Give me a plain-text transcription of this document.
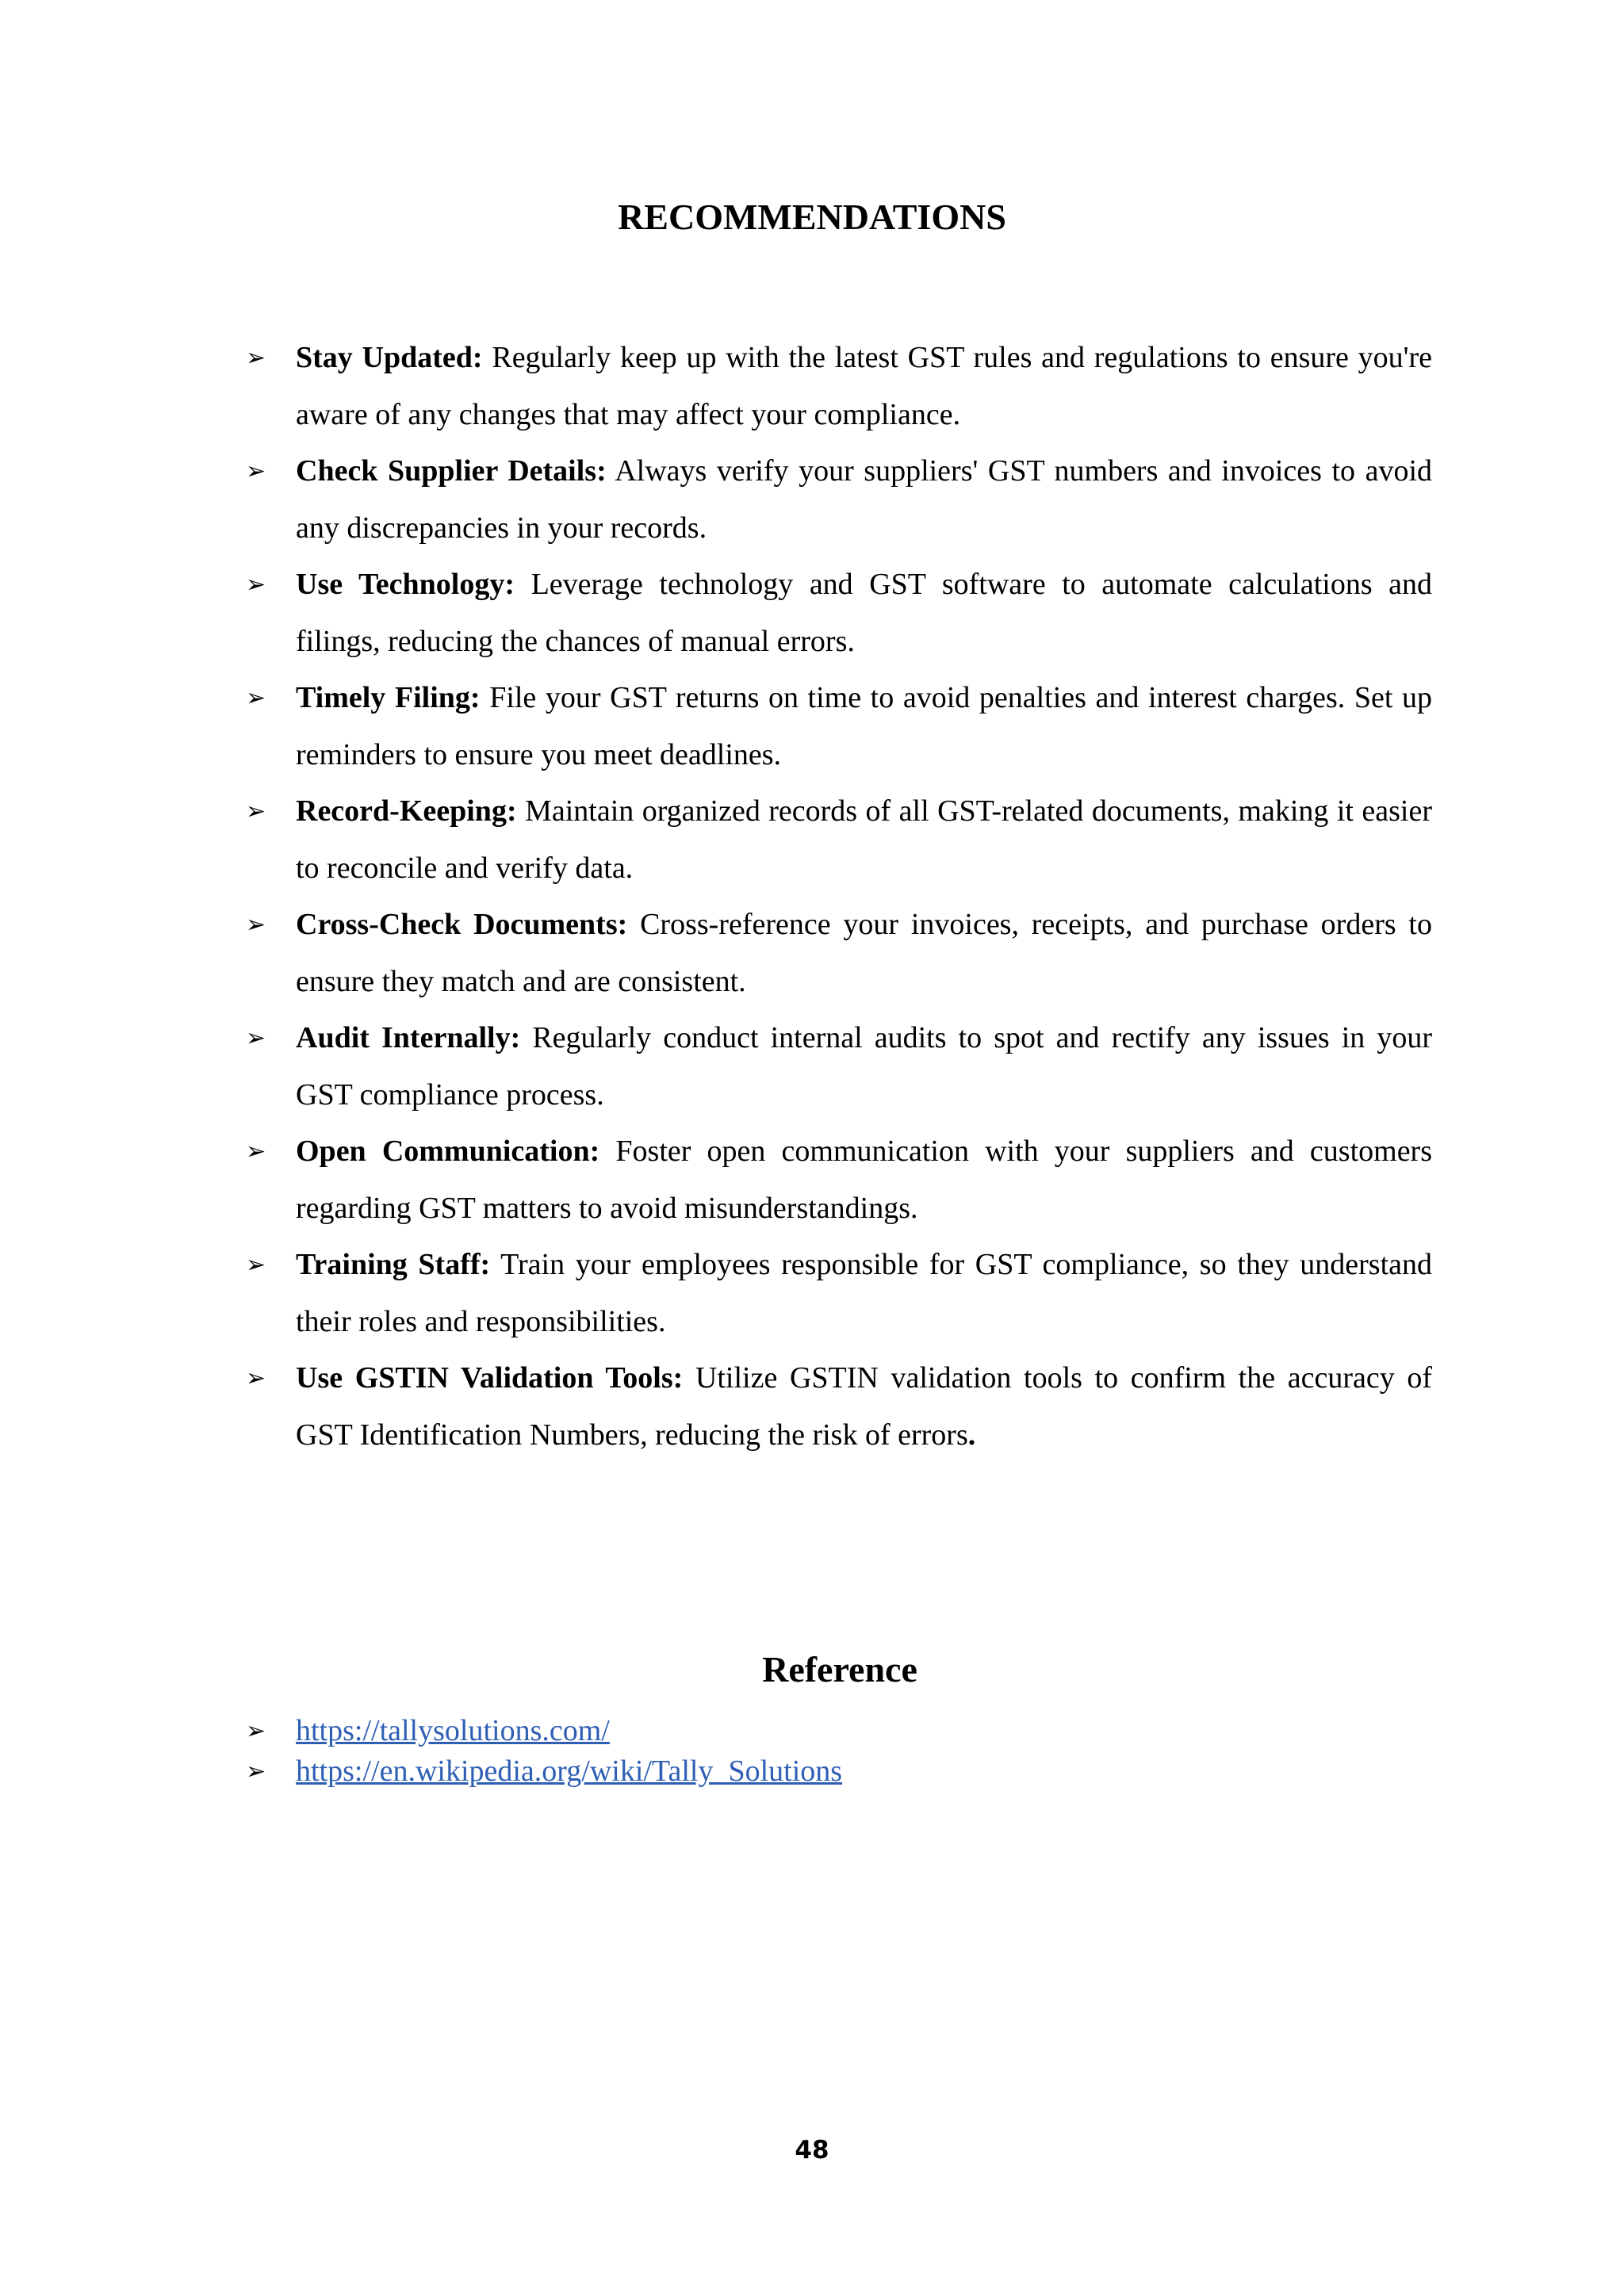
RECOMMENDATIONS
➢ Stay Updated: Regularly keep up with the latest GST rules and regulations to ensure you're aware of any changes that may affect your compliance.
➢ Check Supplier Details: Always verify your suppliers' GST numbers and invoices to avoid any discrepancies in your records.
➢ Use Technology: Leverage technology and GST software to automate calculations and filings, reducing the chances of manual errors.
➢ Timely Filing: File your GST returns on time to avoid penalties and interest charges. Set up reminders to ensure you meet deadlines.
➢ Record-Keeping: Maintain organized records of all GST-related documents, making it easier to reconcile and verify data.
➢ Cross-Check Documents: Cross-reference your invoices, receipts, and purchase orders to ensure they match and are consistent.
➢ Audit Internally: Regularly conduct internal audits to spot and rectify any issues in your GST compliance process.
➢ Open Communication: Foster open communication with your suppliers and customers regarding GST matters to avoid misunderstandings.
➢ Training Staff: Train your employees responsible for GST compliance, so they understand their roles and responsibilities.
➢ Use GSTIN Validation Tools: Utilize GSTIN validation tools to confirm the accuracy of GST Identification Numbers, reducing the risk of errors.
Reference
➢ https://tallysolutions.com/
➢ https://en.wikipedia.org/wiki/Tally_Solutions
48
